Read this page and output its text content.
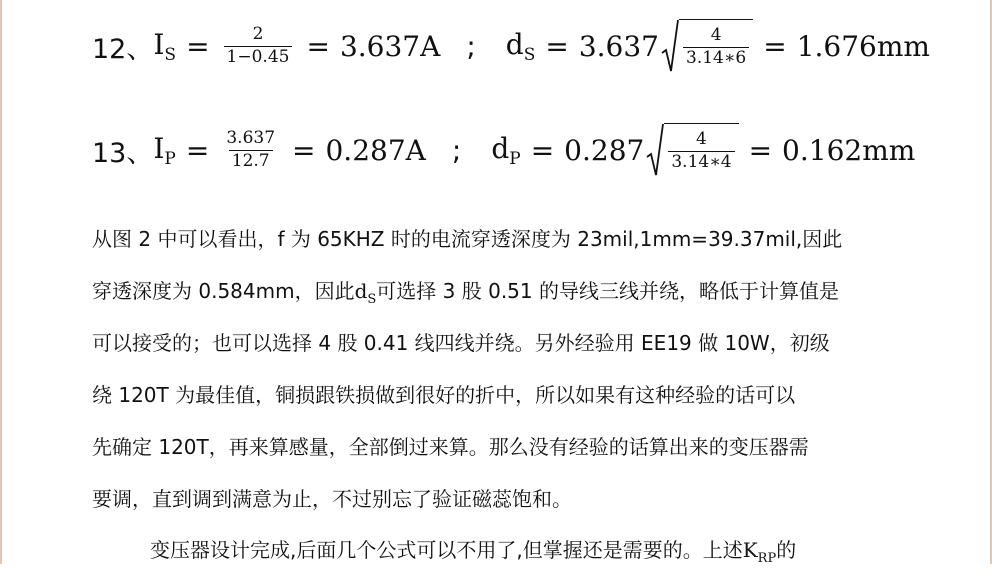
12、 $I_S = \frac{2}{1-0.45} = 3.637A$ ; $d_S = 3.637 \frac{4}{3.14∗6} = 1.676mm$
13、 $I_P = \frac{3.637}{12.7} = 0.287A$ ; $d_P = 0.287 \frac{4}{3.14∗4} = 0.162mm$
从图 2 中可以看出，f 为 65KHZ 时的电流穿透深度为 23mil,1mm=39.37mil,因此
穿透深度为 0.584mm，因此$d_S$可选择 3 股 0.51 的导线三线并绕，略低于计算值是
可以接受的；也可以选择 4 股 0.41 线四线并绕。另外经验用 EE19 做 10W，初级
绕 120T 为最佳值，铜损跟铁损做到很好的折中，所以如果有这种经验的话可以
先确定 120T，再来算感量，全部倒过来算。那么没有经验的话算出来的变压器需
要调，直到调到满意为止，不过别忘了验证磁蕊饱和。
变压器设计完成,后面几个公式可以不用了,但掌握还是需要的。上述$K_{RP}$的
